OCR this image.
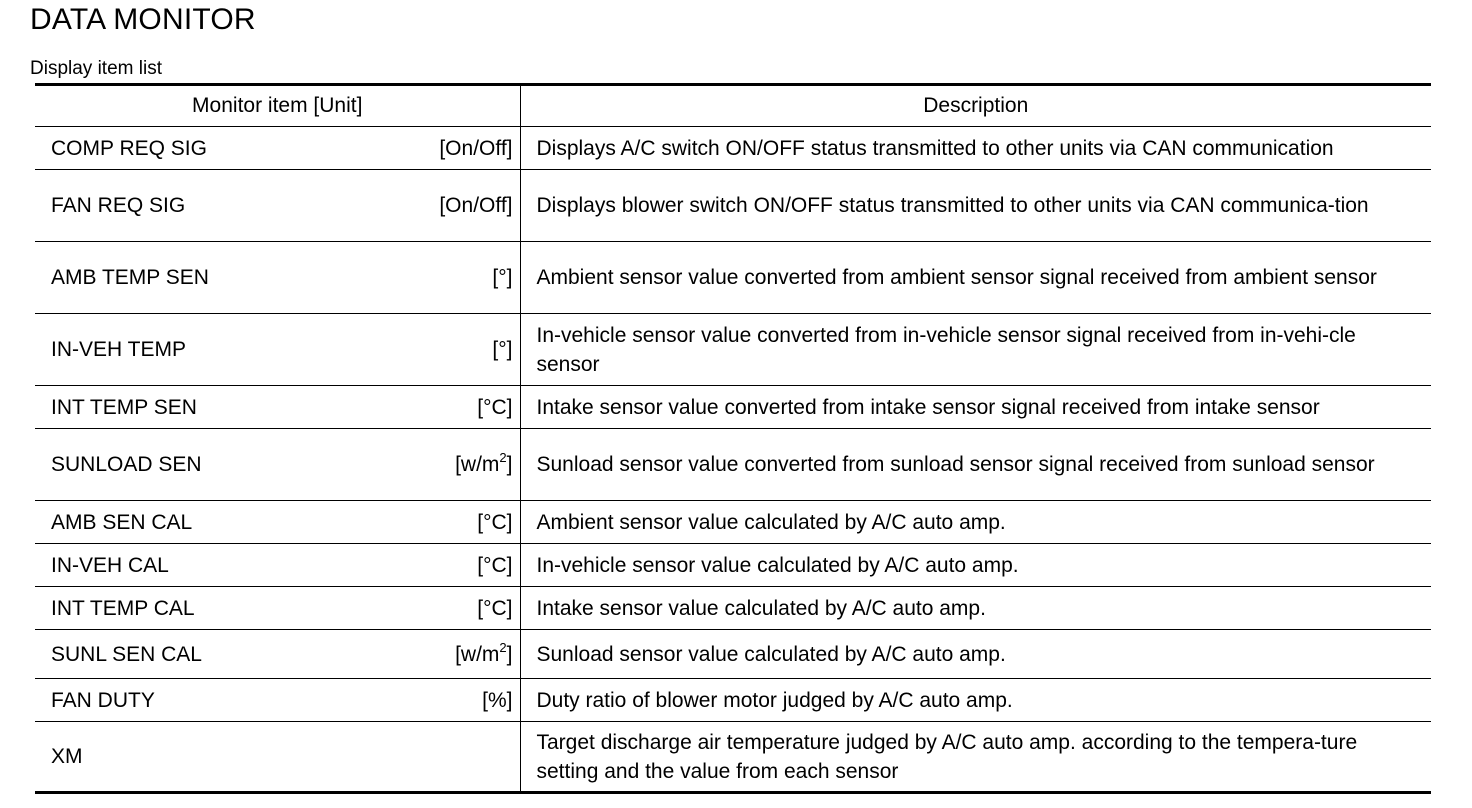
DATA MONITOR
Display item list
Monitor item [Unit]	Description

COMP REQ SIG [On/Off]	Displays A/C switch ON/OFF status transmitted to other units via CAN communication

FAN REQ SIG [On/Off]	Displays blower switch ON/OFF status transmitted to other units via CAN communica-tion

AMB TEMP SEN [°]	Ambient sensor value converted from ambient sensor signal received from ambient sensor

IN-VEH TEMP [°]	In-vehicle sensor value converted from in-vehicle sensor signal received from in-vehi-cle sensor

INT TEMP SEN [°C]	Intake sensor value converted from intake sensor signal received from intake sensor

SUNLOAD SEN $[w/m^2]$	Sunload sensor value converted from sunload sensor signal received from sunload sensor

AMB SEN CAL [°C]	Ambient sensor value calculated by A/C auto amp.

IN-VEH CAL [°C]	In-vehicle sensor value calculated by A/C auto amp.

INT TEMP CAL [°C]	Intake sensor value calculated by A/C auto amp.

SUNL SEN CAL $[w/m^2]$	Sunload sensor value calculated by A/C auto amp.

FAN DUTY [%]	Duty ratio of blower motor judged by A/C auto amp.

XM	Target discharge air temperature judged by A/C auto amp. according to the tempera-ture setting and the value from each sensor
